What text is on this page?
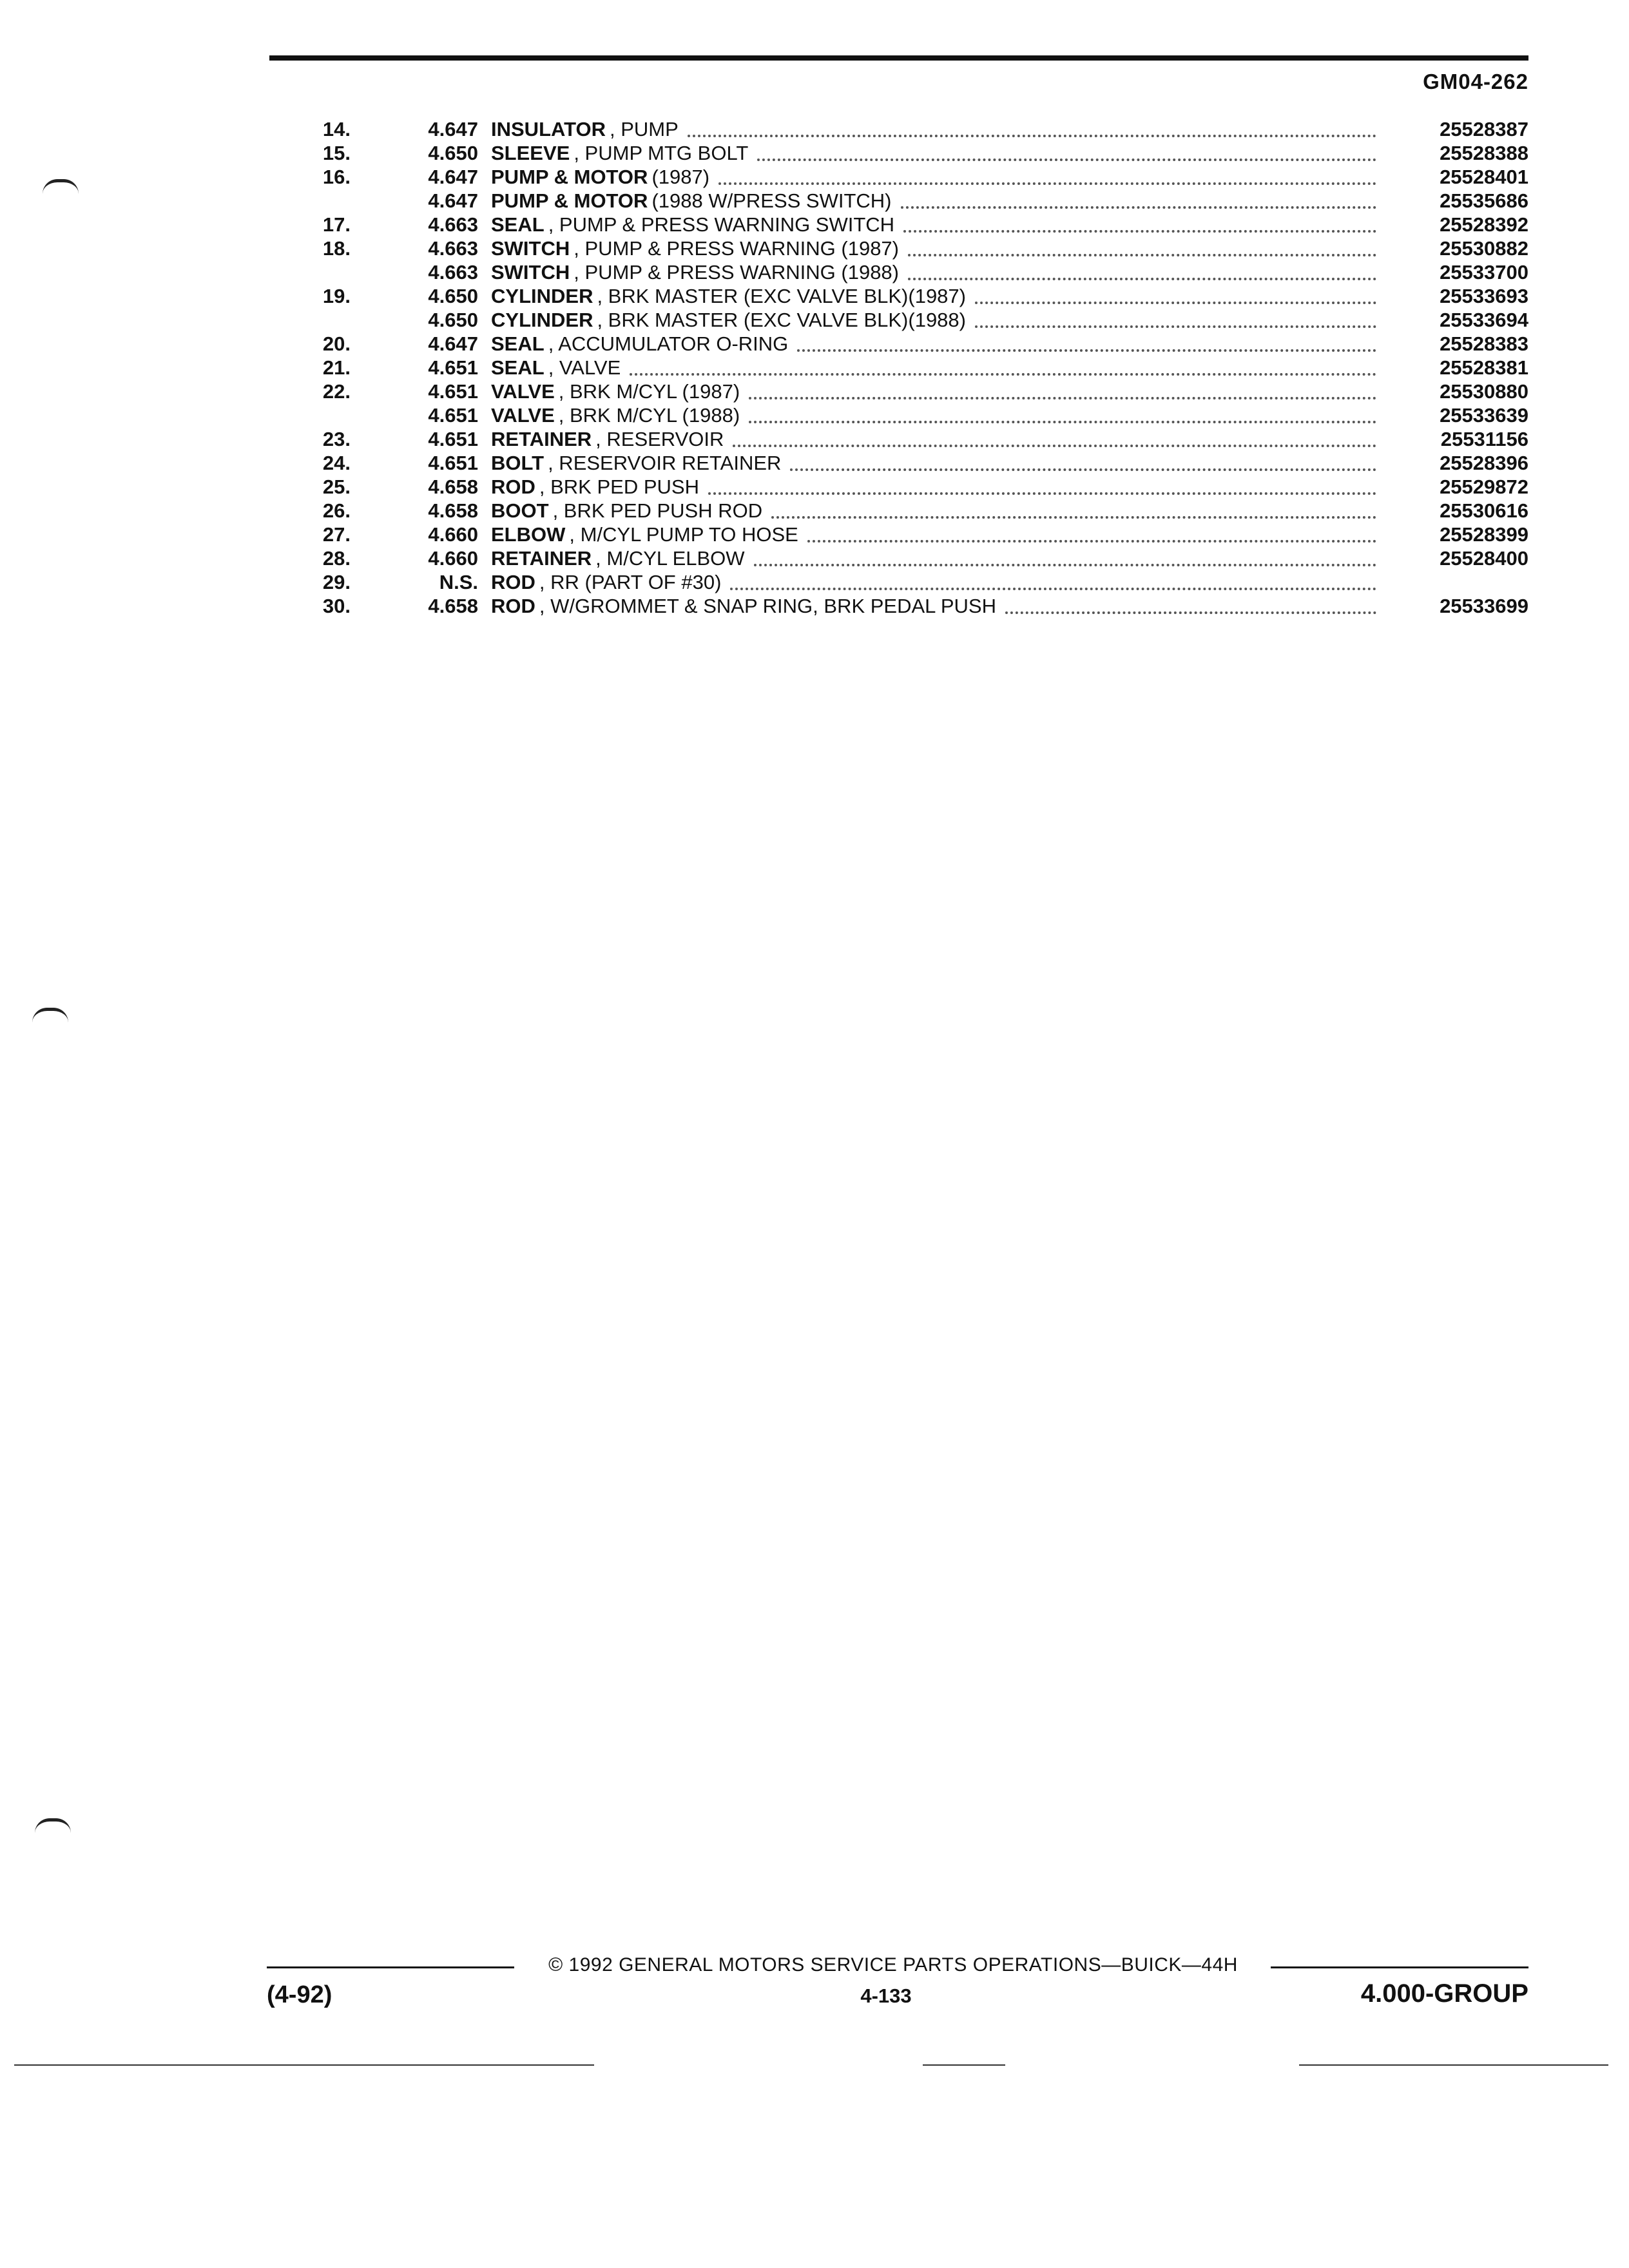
GM04-262
14.	4.647 INSULATOR , PUMP	25528387
15.	4.650 SLEEVE , PUMP MTG BOLT	25528388
16.	4.647 PUMP & MOTOR (1987)	25528401
4.647 PUMP & MOTOR (1988 W/PRESS SWITCH)	25535686
17.	4.663 SEAL , PUMP & PRESS WARNING SWITCH	25528392
18.	4.663 SWITCH , PUMP & PRESS WARNING (1987)	25530882
4.663 SWITCH , PUMP & PRESS WARNING (1988)	25533700
19.	4.650 CYLINDER , BRK MASTER (EXC VALVE BLK)(1987)	25533693
4.650 CYLINDER , BRK MASTER (EXC VALVE BLK)(1988)	25533694
20.	4.647 SEAL , ACCUMULATOR O-RING	25528383
21.	4.651 SEAL , VALVE	25528381
22.	4.651 VALVE , BRK M/CYL (1987)	25530880
4.651 VALVE , BRK M/CYL (1988)	25533639
23.	4.651 RETAINER , RESERVOIR	25531156
24.	4.651 BOLT , RESERVOIR RETAINER	25528396
25.	4.658 ROD , BRK PED PUSH	25529872
26.	4.658 BOOT , BRK PED PUSH ROD	25530616
27.	4.660 ELBOW , M/CYL PUMP TO HOSE	25528399
28.	4.660 RETAINER , M/CYL ELBOW	25528400
29.	N.S. ROD , RR (PART OF #30)
30.	4.658 ROD , W/GROMMET & SNAP RING, BRK PEDAL PUSH	25533699
© 1992 GENERAL MOTORS SERVICE PARTS OPERATIONS—BUICK—44H
(4-92)	4-133	4.000-GROUP
